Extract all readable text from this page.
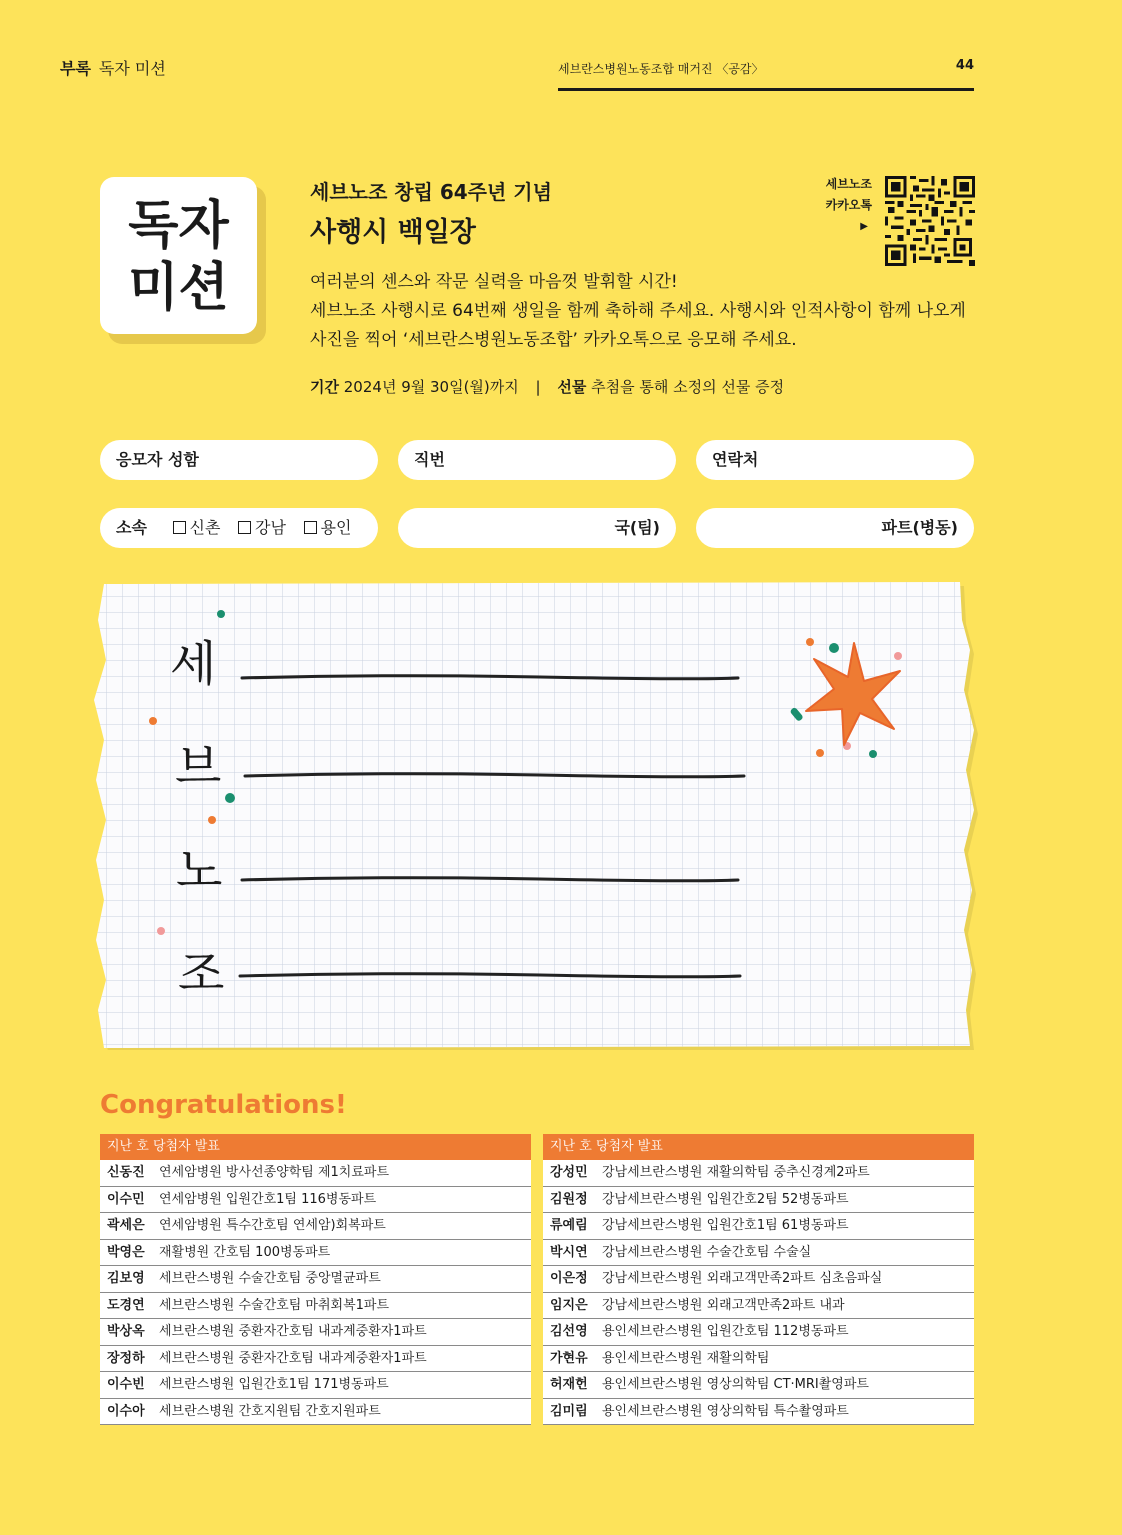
부록 독자 미션	세브란스병원노동조합 매거진 〈공감〉	44
독자
미션
세브노조 창립 64주년 기념
사행시 백일장
여러분의 센스와 작문 실력을 마음껏 발휘할 시간!
세브노조 사행시로 64번째 생일을 함께 축하해 주세요. 사행시와 인적사항이 함께 나오게
사진을 찍어 ‘세브란스병원노동조합’ 카카오톡으로 응모해 주세요.
기간 2024년 9월 30일(월)까지 | 선물 추첨을 통해 소정의 선물 증정
세브노조
카카오톡
▶
응모자 성함	직번	연락처
소속	신촌 강남 용인	국(팀)	파트(병동)
세
브
노
조
Congratulations!
지난 호 당첨자 발표
신동진 연세암병원 방사선종양학팀 제1치료파트
이수민 연세암병원 입원간호1팀 116병동파트
곽세은 연세암병원 특수간호팀 연세암)회복파트
박영은 재활병원 간호팀 100병동파트
김보영 세브란스병원 수술간호팀 중앙멸균파트
도경연 세브란스병원 수술간호팀 마취회복1파트
박상옥 세브란스병원 중환자간호팀 내과계중환자1파트
장정하 세브란스병원 중환자간호팀 내과계중환자1파트
이수빈 세브란스병원 입원간호1팀 171병동파트
이수아 세브란스병원 간호지원팀 간호지원파트
지난 호 당첨자 발표
강성민 강남세브란스병원 재활의학팀 중추신경계2파트
김원정 강남세브란스병원 입원간호2팀 52병동파트
류예림 강남세브란스병원 입원간호1팀 61병동파트
박시연 강남세브란스병원 수술간호팀 수술실
이은정 강남세브란스병원 외래고객만족2파트 심초음파실
임지은 강남세브란스병원 외래고객만족2파트 내과
김선영 용인세브란스병원 입원간호팀 112병동파트
가현유 용인세브란스병원 재활의학팀
허재헌 용인세브란스병원 영상의학팀 CT·MRI촬영파트
김미림 용인세브란스병원 영상의학팀 특수촬영파트
